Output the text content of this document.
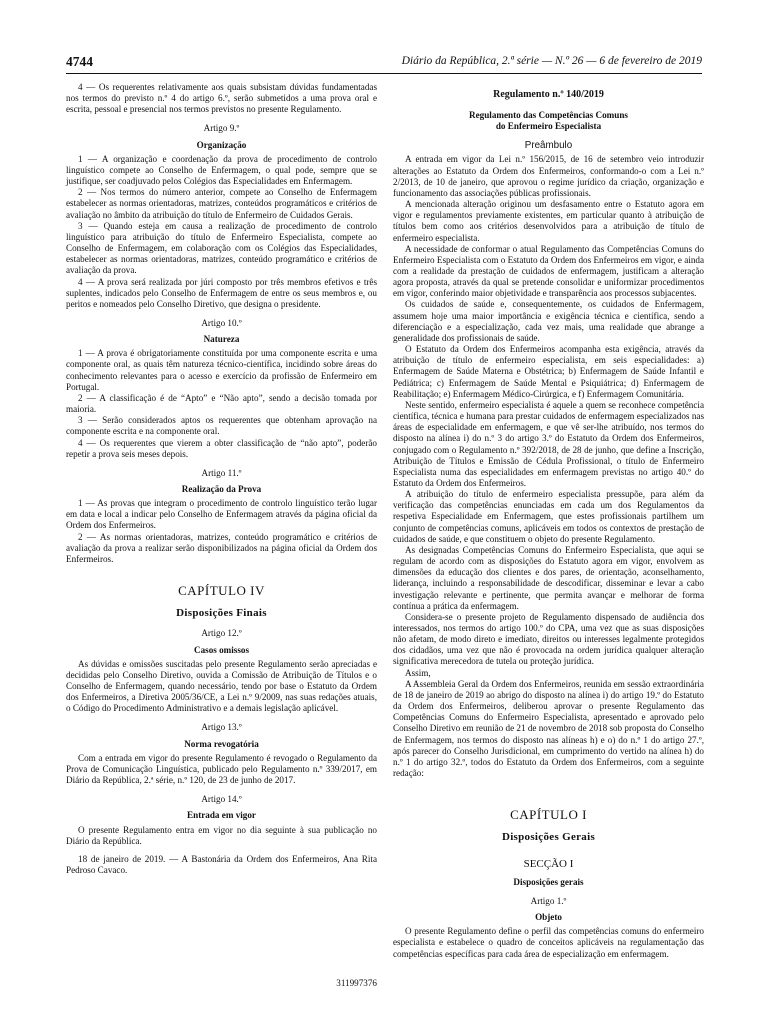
4744	Diário da República, 2.ª série — N.º 26 — 6 de fevereiro de 2019

4 — Os requerentes relativamente aos quais subsistam dúvidas fundamentadas nos termos do previsto n.º 4 do artigo 6.º, serão submetidos a uma prova oral e escrita, pessoal e presencial nos termos previstos no presente Regulamento.

Artigo 9.º

Organização

1 — A organização e coordenação da prova de procedimento de controlo linguístico compete ao Conselho de Enfermagem, o qual pode, sempre que se justifique, ser coadjuvado pelos Colégios das Especialidades em Enfermagem.

2 — Nos termos do número anterior, compete ao Conselho de Enfermagem estabelecer as normas orientadoras, matrizes, conteúdos programáticos e critérios de avaliação no âmbito da atribuição do título de Enfermeiro de Cuidados Gerais.

3 — Quando esteja em causa a realização de procedimento de controlo linguístico para atribuição do título de Enfermeiro Especialista, compete ao Conselho de Enfermagem, em colaboração com os Colégios das Especialidades, estabelecer as normas orientadoras, matrizes, conteúdo programático e critérios de avaliação da prova.

4 — A prova será realizada por júri composto por três membros efetivos e três suplentes, indicados pelo Conselho de Enfermagem de entre os seus membros e, ou peritos e nomeados pelo Conselho Diretivo, que designa o presidente.

Artigo 10.º

Natureza

1 — A prova é obrigatoriamente constituída por uma componente escrita e uma componente oral, as quais têm natureza técnico-científica, incidindo sobre áreas do conhecimento relevantes para o acesso e exercício da profissão de Enfermeiro em Portugal.

2 — A classificação é de “Apto” e “Não apto”, sendo a decisão tomada por maioria.

3 — Serão considerados aptos os requerentes que obtenham aprovação na componente escrita e na componente oral.

4 — Os requerentes que vierem a obter classificação de “não apto”, poderão repetir a prova seis meses depois.

Artigo 11.º

Realização da Prova

1 — As provas que integram o procedimento de controlo linguístico terão lugar em data e local a indicar pelo Conselho de Enfermagem através da página oficial da Ordem dos Enfermeiros.

2 — As normas orientadoras, matrizes, conteúdo programático e critérios de avaliação da prova a realizar serão disponibilizados na página oficial da Ordem dos Enfermeiros.

CAPÍTULO IV

Disposições Finais

Artigo 12.º

Casos omissos

As dúvidas e omissões suscitadas pelo presente Regulamento serão apreciadas e decididas pelo Conselho Diretivo, ouvida a Comissão de Atribuição de Títulos e o Conselho de Enfermagem, quando necessário, tendo por base o Estatuto da Ordem dos Enfermeiros, a Diretiva 2005/36/CE, a Lei n.º 9/2009, nas suas redações atuais, o Código do Procedimento Administrativo e a demais legislação aplicável.

Artigo 13.º

Norma revogatória

Com a entrada em vigor do presente Regulamento é revogado o Regulamento da Prova de Comunicação Linguística, publicado pelo Regulamento n.º 339/2017, em Diário da República, 2.ª série, n.º 120, de 23 de junho de 2017.

Artigo 14.º

Entrada em vigor

O presente Regulamento entra em vigor no dia seguinte à sua publicação no Diário da República.

18 de janeiro de 2019. — A Bastonária da Ordem dos Enfermeiros, Ana Rita Pedroso Cavaco.

311997376

Regulamento n.º 140/2019

Regulamento das Competências Comuns

do Enfermeiro Especialista

Preâmbulo

A entrada em vigor da Lei n.º 156/2015, de 16 de setembro veio introduzir alterações ao Estatuto da Ordem dos Enfermeiros, conformando-o com a Lei n.º 2/2013, de 10 de janeiro, que aprovou o regime jurídico da criação, organização e funcionamento das associações públicas profissionais.

A mencionada alteração originou um desfasamento entre o Estatuto agora em vigor e regulamentos previamente existentes, em particular quanto à atribuição de títulos bem como aos critérios desenvolvidos para a atribuição de título de enfermeiro especialista.

A necessidade de conformar o atual Regulamento das Competências Comuns do Enfermeiro Especialista com o Estatuto da Ordem dos Enfermeiros em vigor, e ainda com a realidade da prestação de cuidados de enfermagem, justificam a alteração agora proposta, através da qual se pretende consolidar e uniformizar procedimentos em vigor, conferindo maior objetividade e transparência aos processos subjacentes.

Os cuidados de saúde e, consequentemente, os cuidados de Enfermagem, assumem hoje uma maior importância e exigência técnica e científica, sendo a diferenciação e a especialização, cada vez mais, uma realidade que abrange a generalidade dos profissionais de saúde.

O Estatuto da Ordem dos Enfermeiros acompanha esta exigência, através da atribuição de título de enfermeiro especialista, em seis especialidades: a) Enfermagem de Saúde Materna e Obstétrica; b) Enfermagem de Saúde Infantil e Pediátrica; c) Enfermagem de Saúde Mental e Psiquiátrica; d) Enfermagem de Reabilitação; e) Enfermagem Médico-Cirúrgica, e f) Enfermagem Comunitária.

Neste sentido, enfermeiro especialista é aquele a quem se reconhece competência científica, técnica e humana para prestar cuidados de enfermagem especializados nas áreas de especialidade em enfermagem, e que vê ser-lhe atribuído, nos termos do disposto na alínea i) do n.º 3 do artigo 3.º do Estatuto da Ordem dos Enfermeiros, conjugado com o Regulamento n.º 392/2018, de 28 de junho, que define a Inscrição, Atribuição de Títulos e Emissão de Cédula Profissional, o título de Enfermeiro Especialista numa das especialidades em enfermagem previstas no artigo 40.º do Estatuto da Ordem dos Enfermeiros.

A atribuição do título de enfermeiro especialista pressupõe, para além da verificação das competências enunciadas em cada um dos Regulamentos da respetiva Especialidade em Enfermagem, que estes profissionais partilhem um conjunto de competências comuns, aplicáveis em todos os contextos de prestação de cuidados de saúde, e que constituem o objeto do presente Regulamento.

As designadas Competências Comuns do Enfermeiro Especialista, que aqui se regulam de acordo com as disposições do Estatuto agora em vigor, envolvem as dimensões da educação dos clientes e dos pares, de orientação, aconselhamento, liderança, incluindo a responsabilidade de descodificar, disseminar e levar a cabo investigação relevante e pertinente, que permita avançar e melhorar de forma contínua a prática da enfermagem.

Considera-se o presente projeto de Regulamento dispensado de audiência dos interessados, nos termos do artigo 100.º do CPA, uma vez que as suas disposições não afetam, de modo direto e imediato, direitos ou interesses legalmente protegidos dos cidadãos, uma vez que não é provocada na ordem jurídica qualquer alteração significativa merecedora de tutela ou proteção jurídica.

Assim,

A Assembleia Geral da Ordem dos Enfermeiros, reunida em sessão extraordinária de 18 de janeiro de 2019 ao abrigo do disposto na alínea i) do artigo 19.º do Estatuto da Ordem dos Enfermeiros, deliberou aprovar o presente Regulamento das Competências Comuns do Enfermeiro Especialista, apresentado e aprovado pelo Conselho Diretivo em reunião de 21 de novembro de 2018 sob proposta do Conselho de Enfermagem, nos termos do disposto nas alíneas h) e o) do n.º 1 do artigo 27.º, após parecer do Conselho Jurisdicional, em cumprimento do vertido na alínea h) do n.º 1 do artigo 32.º, todos do Estatuto da Ordem dos Enfermeiros, com a seguinte redação:

CAPÍTULO I

Disposições Gerais

SECÇÃO I

Disposições gerais

Artigo 1.º

Objeto

O presente Regulamento define o perfil das competências comuns do enfermeiro especialista e estabelece o quadro de conceitos aplicáveis na regulamentação das competências específicas para cada área de especialização em enfermagem.
